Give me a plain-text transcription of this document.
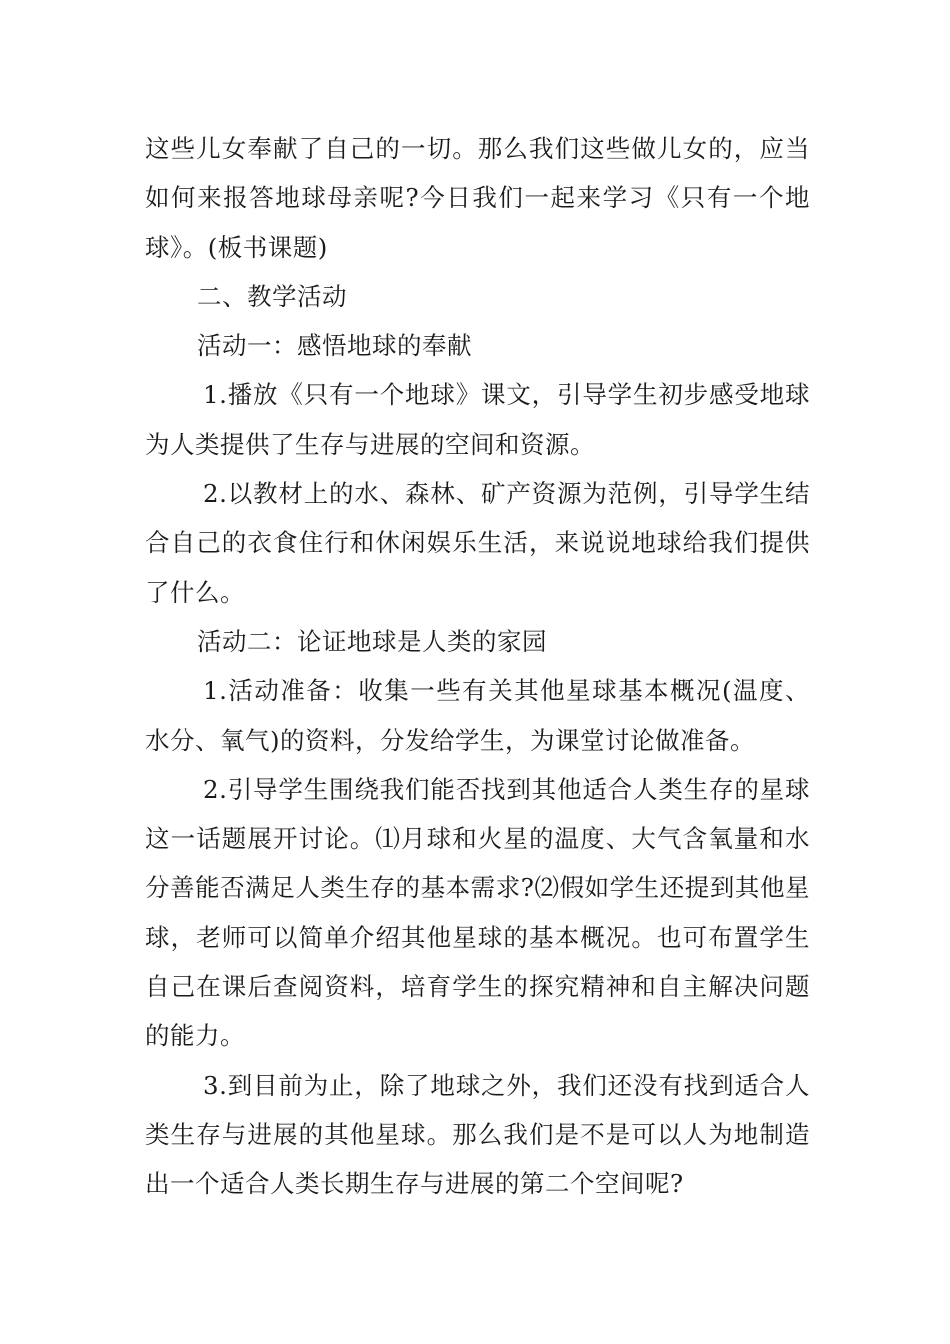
这些儿女奉献了自己的一切。那么我们这些做儿女的，应当如何来报答地球母亲呢?今日我们一起来学习《只有一个地球》。(板书课题)

二、教学活动

活动一：感悟地球的奉献

1.播放《只有一个地球》课文，引导学生初步感受地球为人类提供了生存与进展的空间和资源。

2.以教材上的水、森林、矿产资源为范例，引导学生结合自己的衣食住行和休闲娱乐生活，来说说地球给我们提供了什么。

活动二：论证地球是人类的家园

1.活动准备：收集一些有关其他星球基本概况(温度、水分、氧气)的资料，分发给学生，为课堂讨论做准备。

2.引导学生围绕我们能否找到其他适合人类生存的星球这一话题展开讨论。⑴月球和火星的温度、大气含氧量和水分善能否满足人类生存的基本需求?⑵假如学生还提到其他星球，老师可以简单介绍其他星球的基本概况。也可布置学生自己在课后查阅资料，培育学生的探究精神和自主解决问题的能力。

3.到目前为止，除了地球之外，我们还没有找到适合人类生存与进展的其他星球。那么我们是不是可以人为地制造出一个适合人类长期生存与进展的第二个空间呢?
